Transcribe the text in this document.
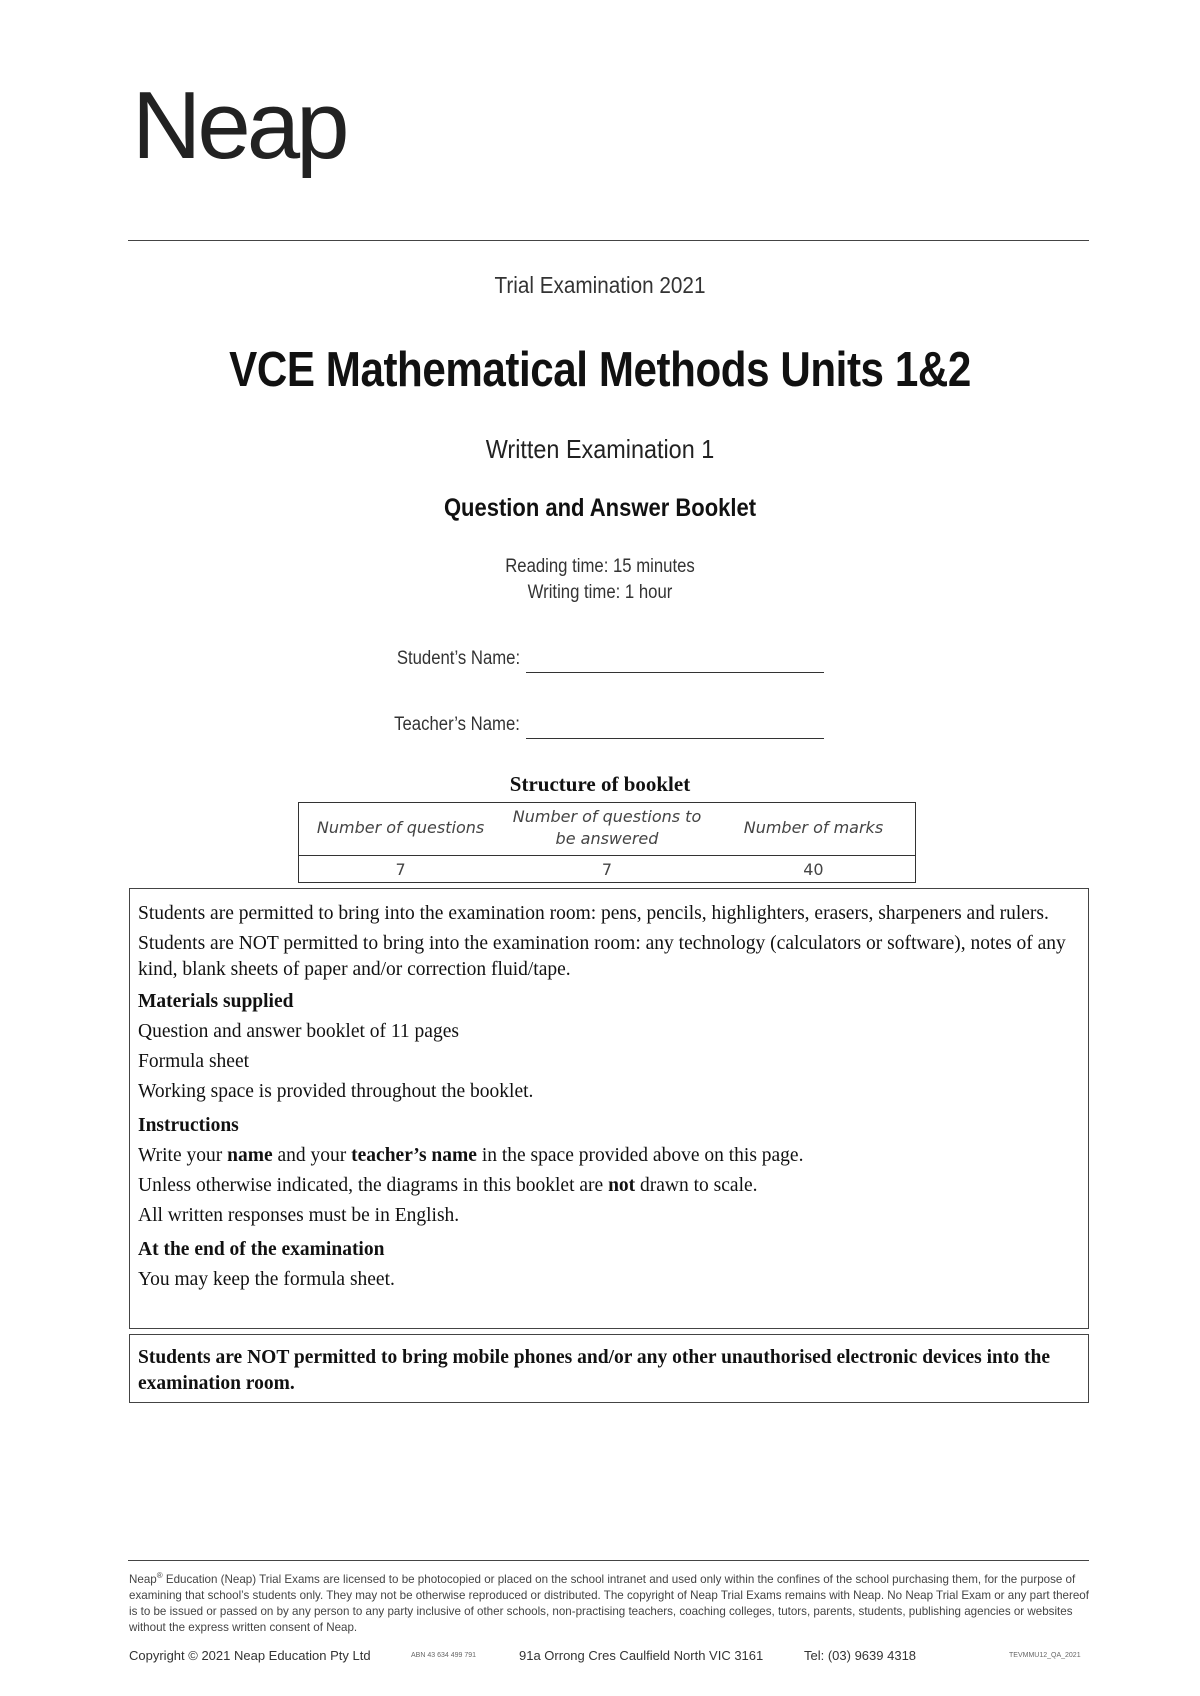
Neap
Trial Examination 2021
VCE Mathematical Methods Units 1&2
Written Examination 1
Question and Answer Booklet
Reading time: 15 minutes
Writing time: 1 hour
Student’s Name:
Teacher’s Name:
Structure of booklet
Number of questions	Number of questions to be answered	Number of marks
7	7	40

Students are permitted to bring into the examination room: pens, pencils, highlighters, erasers, sharpeners and rulers.

Students are NOT permitted to bring into the examination room: any technology (calculators or software), notes of any kind, blank sheets of paper and/or correction fluid/tape.

Materials supplied

Question and answer booklet of 11 pages

Formula sheet

Working space is provided throughout the booklet.

Instructions

Write your name and your teacher’s name in the space provided above on this page.

Unless otherwise indicated, the diagrams in this booklet are not drawn to scale.

All written responses must be in English.

At the end of the examination

You may keep the formula sheet.

Students are NOT permitted to bring mobile phones and/or any other unauthorised electronic devices into the examination room.
Neap® Education (Neap) Trial Exams are licensed to be photocopied or placed on the school intranet and used only within the confines of the school purchasing them, for the purpose of examining that school’s students only. They may not be otherwise reproduced or distributed. The copyright of Neap Trial Exams remains with Neap. No Neap Trial Exam or any part thereof is to be issued or passed on by any person to any party inclusive of other schools, non-practising teachers, coaching colleges, tutors, parents, students, publishing agencies or websites without the express written consent of Neap.
Copyright © 2021 Neap Education Pty Ltd	ABN 43 634 499 791	91a Orrong Cres Caulfield North VIC 3161	Tel: (03) 9639 4318	TEVMMU12_QA_2021
